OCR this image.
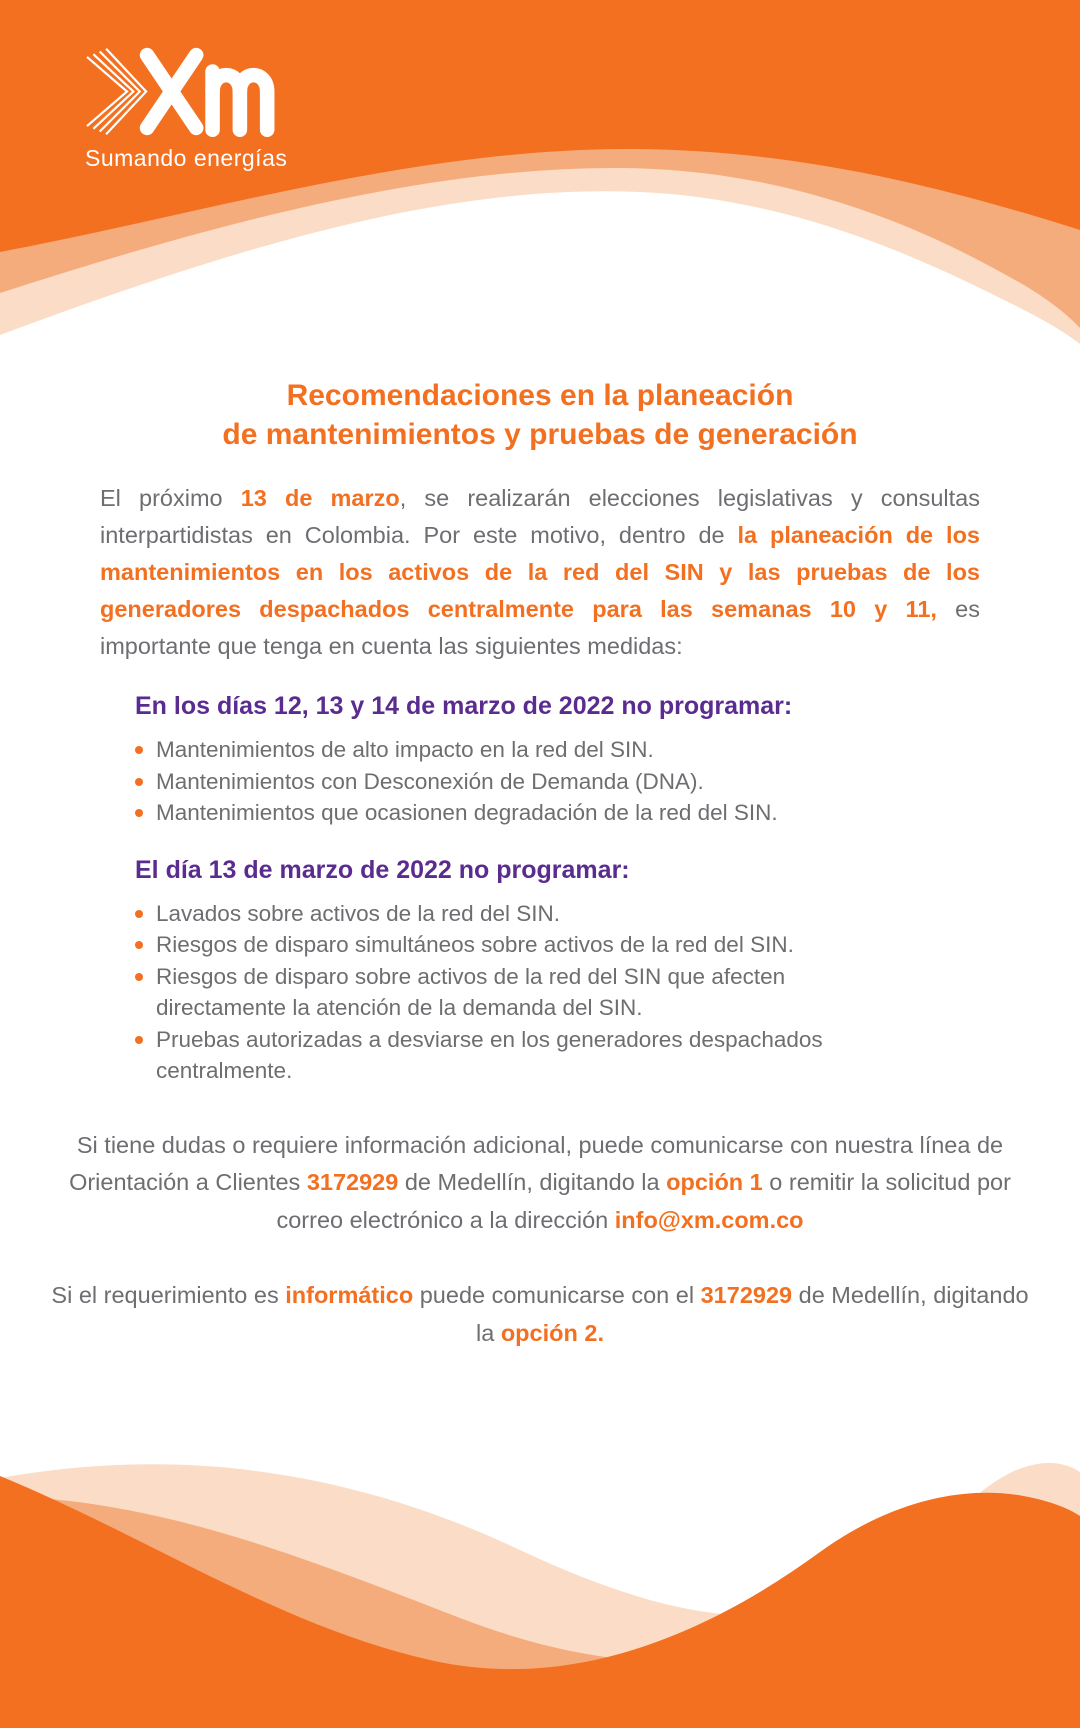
Sumando energías
Recomendaciones en la planeación
de mantenimientos y pruebas de generación

El próximo 13 de marzo, se realizarán elecciones legislativas y consultas interpartidistas en Colombia. Por este motivo, dentro de la planeación de los mantenimientos en los activos de la red del SIN y las pruebas de los generadores despachados centralmente para las semanas 10 y 11, es importante que tenga en cuenta las siguientes medidas:

En los días 12, 13 y 14 de marzo de 2022 no programar:
Mantenimientos de alto impacto en la red del SIN.
Mantenimientos con Desconexión de Demanda (DNA).
Mantenimientos que ocasionen degradación de la red del SIN.
El día 13 de marzo de 2022 no programar:
Lavados sobre activos de la red del SIN.
Riesgos de disparo simultáneos sobre activos de la red del SIN.
Riesgos de disparo sobre activos de la red del SIN que afecten directamente la atención de la demanda del SIN.
Pruebas autorizadas a desviarse en los generadores despachados centralmente.

Si tiene dudas o requiere información adicional, puede comunicarse con nuestra línea de Orientación a Clientes 3172929 de Medellín, digitando la opción 1 o remitir la solicitud por correo electrónico a la dirección info@xm.com.co

Si el requerimiento es informático puede comunicarse con el 3172929 de Medellín, digitando la opción 2.
